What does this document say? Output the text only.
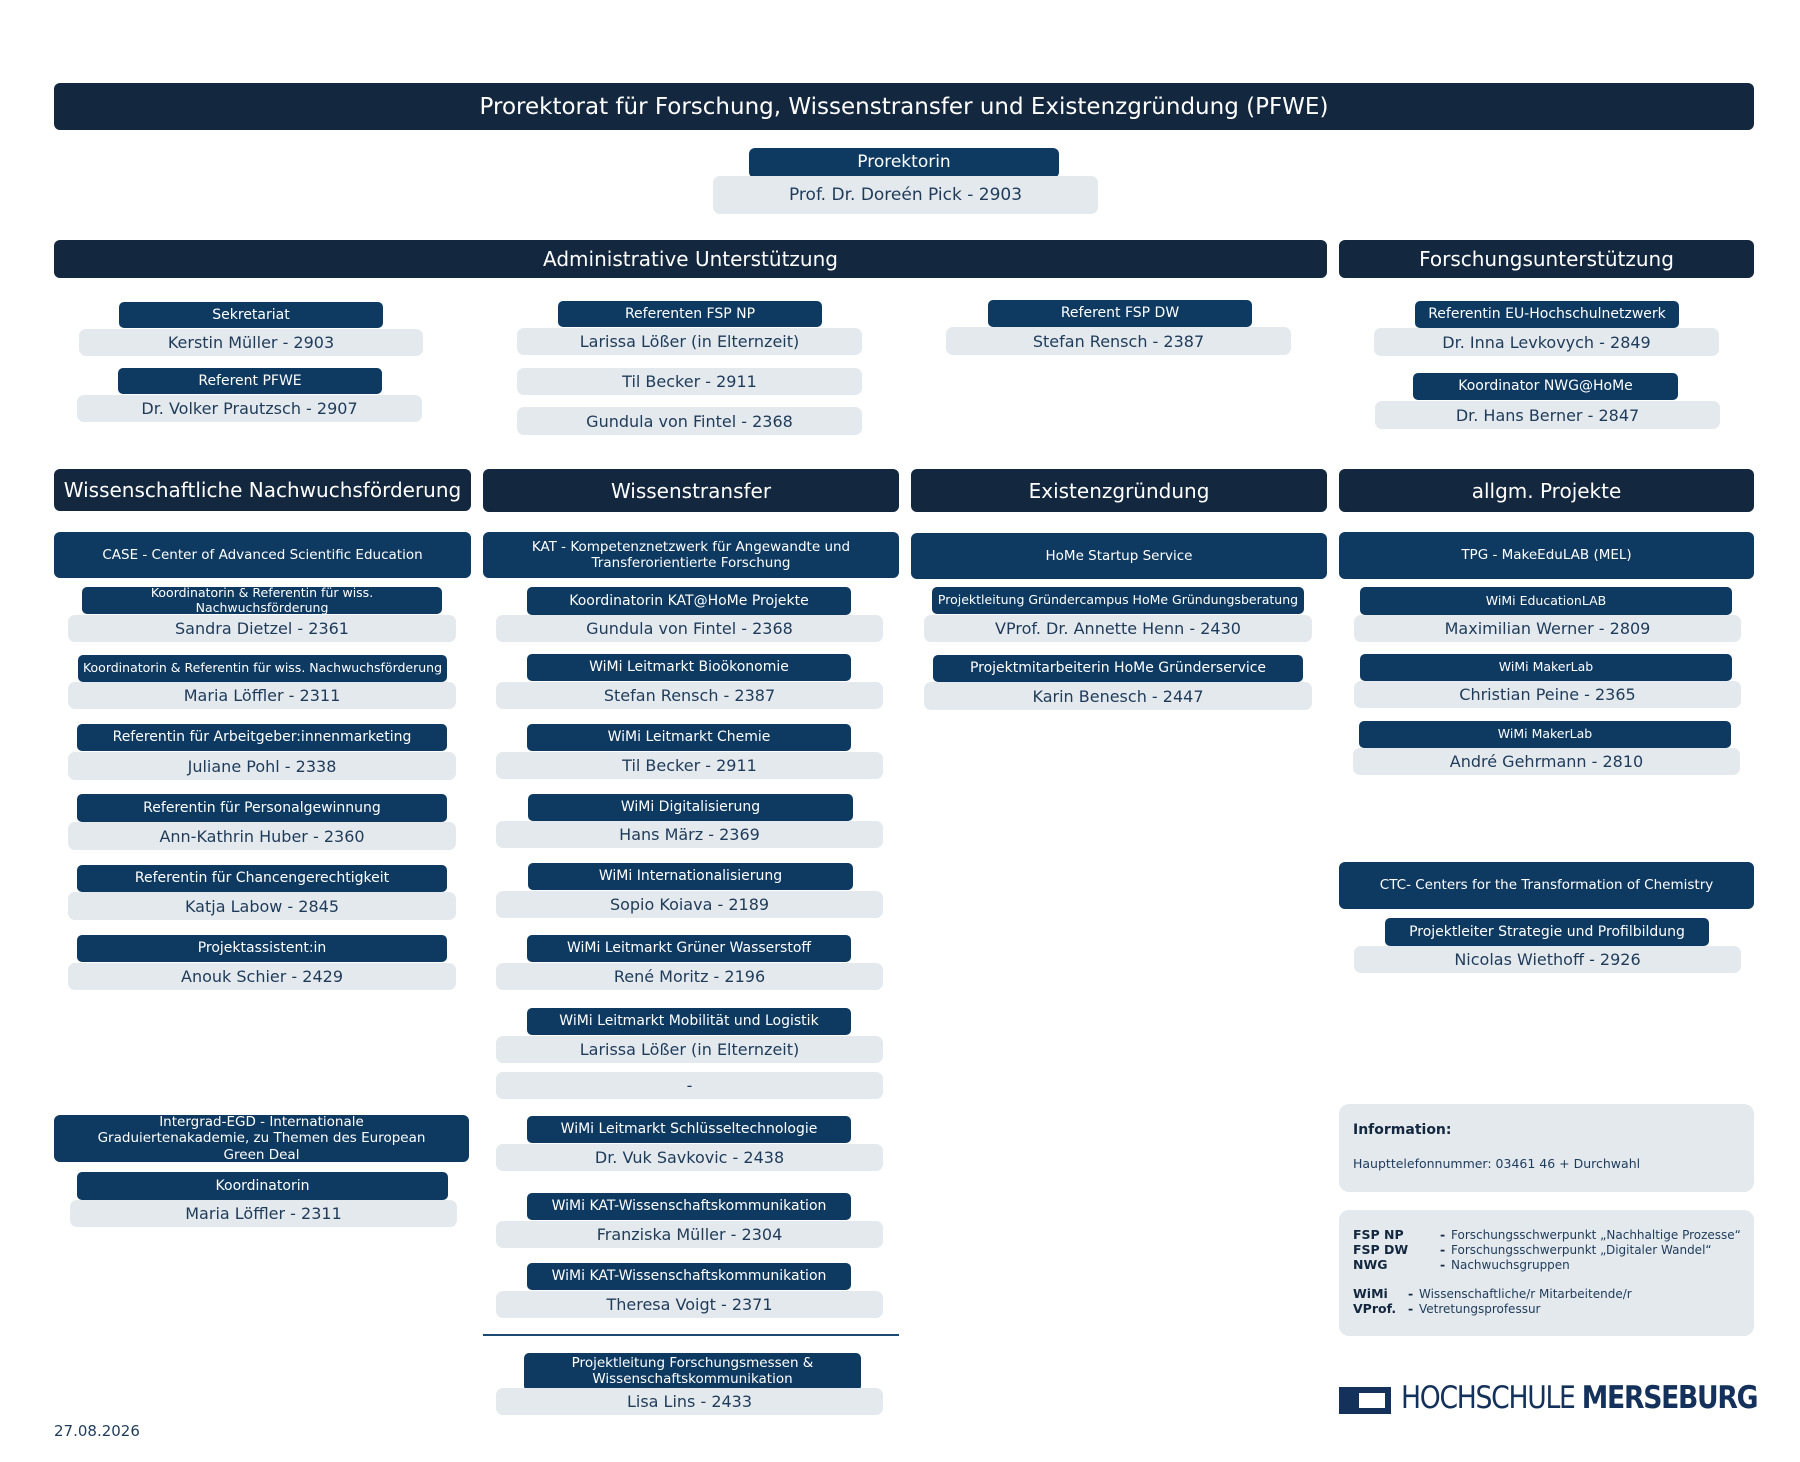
Prorektorat für Forschung, Wissenstransfer und Existenzgründung (PFWE)
Prorektorin
Prof. Dr. Doreén Pick - 2903
Administrative Unterstützung	Forschungsunterstützung
Sekretariat
Kerstin Müller - 2903
Referent PFWE
Dr. Volker Prautzsch - 2907
Referenten FSP NP
Larissa Lößer (in Elternzeit)
Til Becker - 2911
Gundula von Fintel - 2368
Referent FSP DW
Stefan Rensch - 2387
Referentin EU-Hochschulnetzwerk
Dr. Inna Levkovych - 2849
Koordinator NWG@HoMe
Dr. Hans Berner - 2847
Wissenschaftliche Nachwuchsförderung	Wissenstransfer	Existenzgründung	allgm. Projekte
CASE - Center of Advanced Scientific Education
Koordinatorin & Referentin für wiss. Nachwuchsförderung
Sandra Dietzel - 2361
Koordinatorin & Referentin für wiss. Nachwuchsförderung
Maria Löffler - 2311
Referentin für Arbeitgeber:innenmarketing
Juliane Pohl - 2338
Referentin für Personalgewinnung
Ann-Kathrin Huber - 2360
Referentin für Chancengerechtigkeit
Katja Labow - 2845
Projektassistent:in
Anouk Schier - 2429
Intergrad-EGD - Internationale Graduiertenakademie, zu Themen des European Green Deal
Koordinatorin
Maria Löffler - 2311
KAT - Kompetenznetzwerk für Angewandte und Transferorientierte Forschung
Koordinatorin KAT@HoMe Projekte
Gundula von Fintel - 2368
WiMi Leitmarkt Bioökonomie
Stefan Rensch - 2387
WiMi Leitmarkt Chemie
Til Becker - 2911
WiMi Digitalisierung
Hans März - 2369
WiMi Internationalisierung
Sopio Koiava - 2189
WiMi Leitmarkt Grüner Wasserstoff
René Moritz - 2196
WiMi Leitmarkt Mobilität und Logistik
Larissa Lößer (in Elternzeit)
-
WiMi Leitmarkt Schlüsseltechnologie
Dr. Vuk Savkovic - 2438
WiMi KAT-Wissenschaftskommunikation
Franziska Müller - 2304
WiMi KAT-Wissenschaftskommunikation
Theresa Voigt - 2371
Projektleitung Forschungsmessen & Wissenschaftskommunikation
Lisa Lins - 2433
HoMe Startup Service
Projektleitung Gründercampus HoMe Gründungsberatung
VProf. Dr. Annette Henn - 2430
Projektmitarbeiterin HoMe Gründerservice
Karin Benesch - 2447
TPG - MakeEduLAB (MEL)
WiMi EducationLAB
Maximilian Werner - 2809
WiMi MakerLab
Christian Peine - 2365
WiMi MakerLab
André Gehrmann - 2810
CTC- Centers for the Transformation of Chemistry
Projektleiter Strategie und Profilbildung
Nicolas Wiethoff - 2926
Information:
Haupttelefonnummer: 03461 46 + Durchwahl
FSP NP	- Forschungsschwerpunkt „Nachhaltige Prozesse“
FSP DW	- Forschungsschwerpunkt „Digitaler Wandel“
NWG	- Nachwuchsgruppen
WiMi - Wissenschaftliche/r Mitarbeitende/r
VProf. - Vetretungsprofessur
HOCHSCHULE MERSEBURG
27.08.2026
